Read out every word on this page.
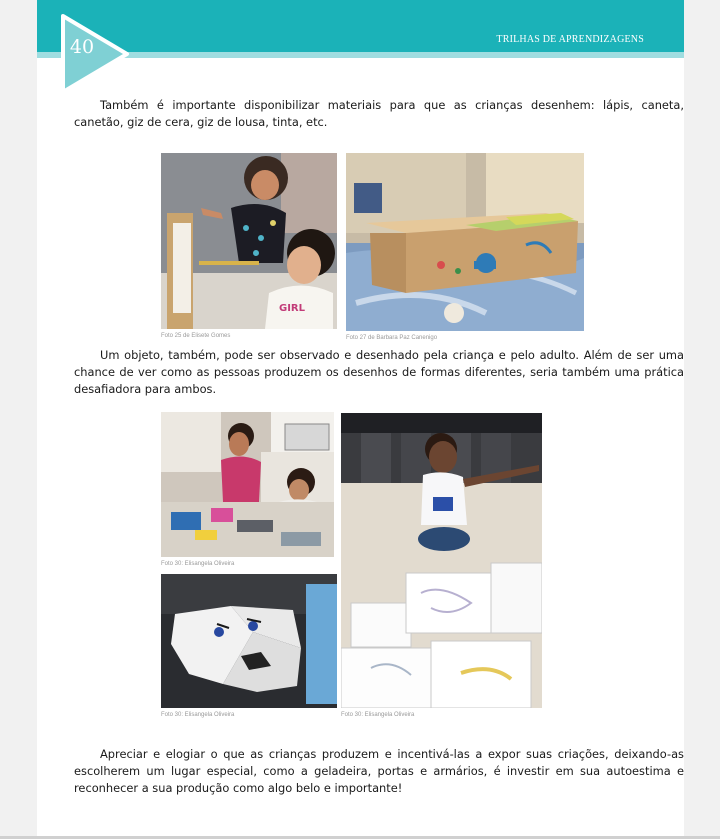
TRILHAS DE APRENDIZAGENS
40

Também é importante disponibilizar materiais para que as crianças desenhem: lápis, caneta, canetão, giz de cera, giz de lousa, tinta, etc.

GIRL
Foto 25 de Elisete Gomes	Foto 27 de Barbara Paz Canenigo

Um objeto, também, pode ser observado e desenhado pela criança e pelo adulto. Além de ser uma chance de ver como as pessoas produzem os desenhos de formas diferentes, seria também uma prática desafiadora para ambos.

Foto 30: Elisangela Oliveira
Foto 30: Elisangela Oliveira	Foto 30: Elisangela Oliveira

Apreciar e elogiar o que as crianças produzem e incentivá-las a expor suas criações, deixando-as escolherem um lugar especial, como a geladeira, portas e armários, é investir em sua autoestima e reconhecer a sua produção como algo belo e importante!
